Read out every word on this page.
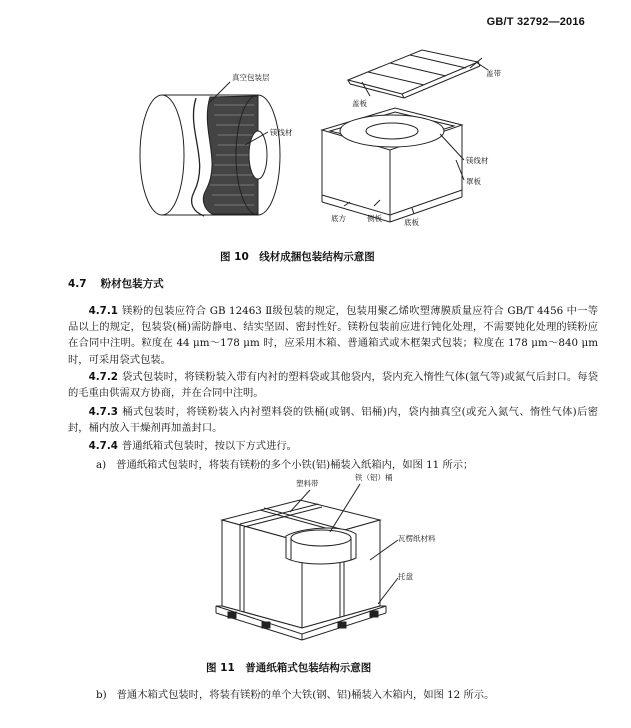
GB/T 32792—2016
真空包装层
镁线材
盖板
盖带
镁线材
罩板
底方	侧板	底板
图 10　线材成捆包装结构示意图
4.7 粉材包装方式
4.7.1 镁粉的包装应符合 GB 12463 Ⅱ级包装的规定，包装用聚乙烯吹塑薄膜质量应符合 GB/T 4456 中一等品以上的规定，包装袋(桶)需防静电、结实坚固、密封性好。镁粉包装前应进行钝化处理，不需要钝化处理的镁粉应在合同中注明。粒度在 44 μm～178 μm 时，应采用木箱、普通箱式或木框架式包装；粒度在 178 μm～840 μm 时，可采用袋式包装。
4.7.2 袋式包装时，将镁粉装入带有内衬的塑料袋或其他袋内，袋内充入惰性气体(氩气等)或氮气后封口。每袋的毛重由供需双方协商，并在合同中注明。
4.7.3 桶式包装时，将镁粉装入内衬塑料袋的铁桶(或钢、铝桶)内，袋内抽真空(或充入氮气、惰性气体)后密封，桶内放入干燥剂再加盖封口。
4.7.4 普通纸箱式包装时，按以下方式进行。
a) 普通纸箱式包装时，将装有镁粉的多个小铁(铝)桶装入纸箱内，如图 11 所示；
塑料带
铁（铝）桶
瓦楞纸材料
托盘
图 11　普通纸箱式包装结构示意图
b) 普通木箱式包装时，将装有镁粉的单个大铁(钢、铝)桶装入木箱内，如图 12 所示。
